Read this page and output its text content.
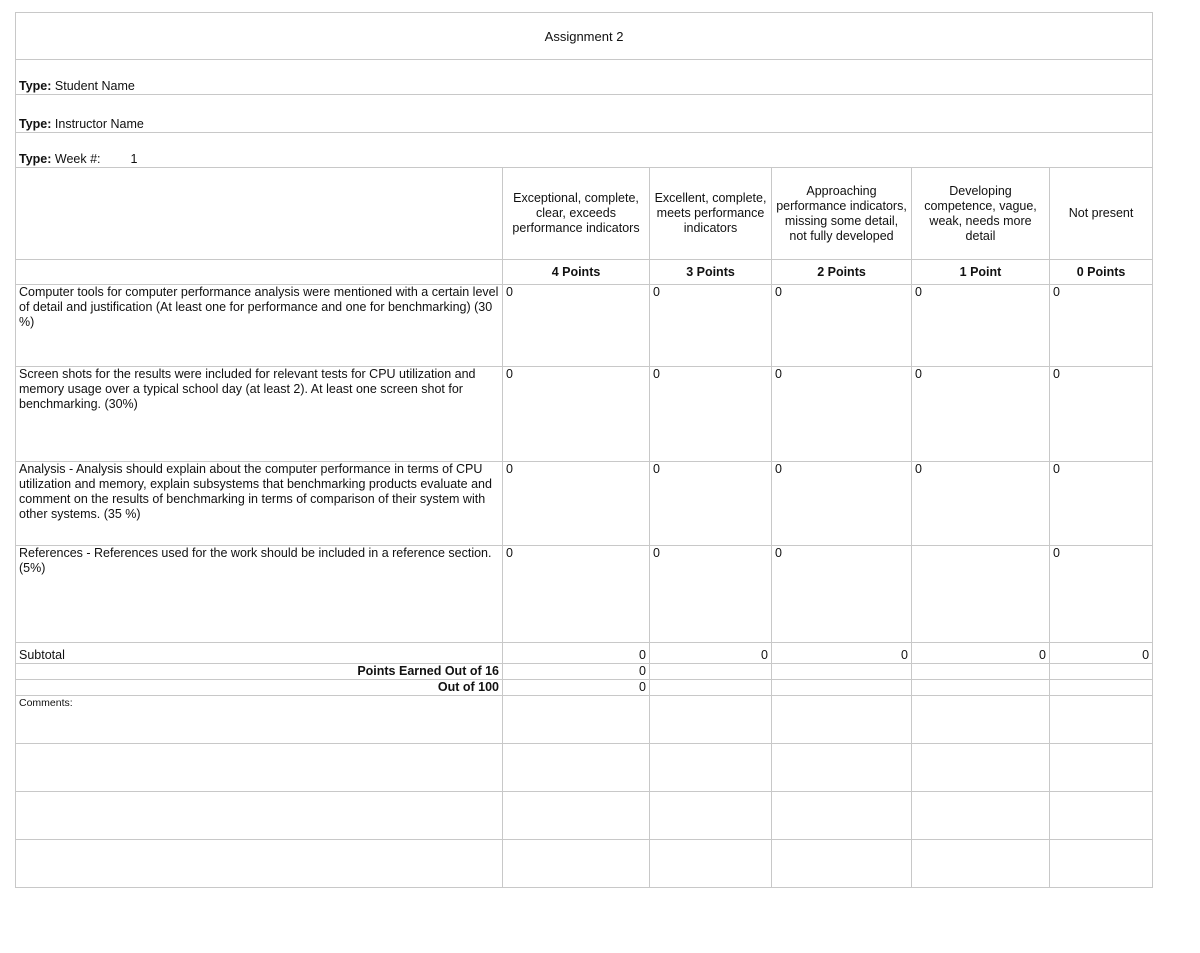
Assignment 2					
Type: Student Name					
Type: Instructor Name					
Type: Week #: 1					
	Exceptional, complete, clear, exceeds performance indicators	Excellent, complete, meets performance indicators	Approaching performance indicators, missing some detail, not fully developed	Developing competence, vague, weak, needs more detail	Not present
	4 Points	3 Points	2 Points	1 Point	0 Points
Computer tools for computer performance analysis were mentioned with a certain level of detail and justification (At least one for performance and one for benchmarking) (30 %)	0	0	0	0	0
Screen shots for the results were included for relevant tests for CPU utilization and memory usage over a typical school day (at least 2). At least one screen shot for benchmarking. (30%)	0	0	0	0	0
Analysis - Analysis should explain about the computer performance in terms of CPU utilization and memory, explain subsystems that benchmarking products evaluate and comment on the results of benchmarking in terms of comparison of their system with other systems. (35 %)	0	0	0	0	0
References - References used for the work should be included in a reference section. (5%)	0	0	0		0
Subtotal	0	0	0	0	0
Points Earned Out of 16	0				
Out of 100	0				
Comments:					
